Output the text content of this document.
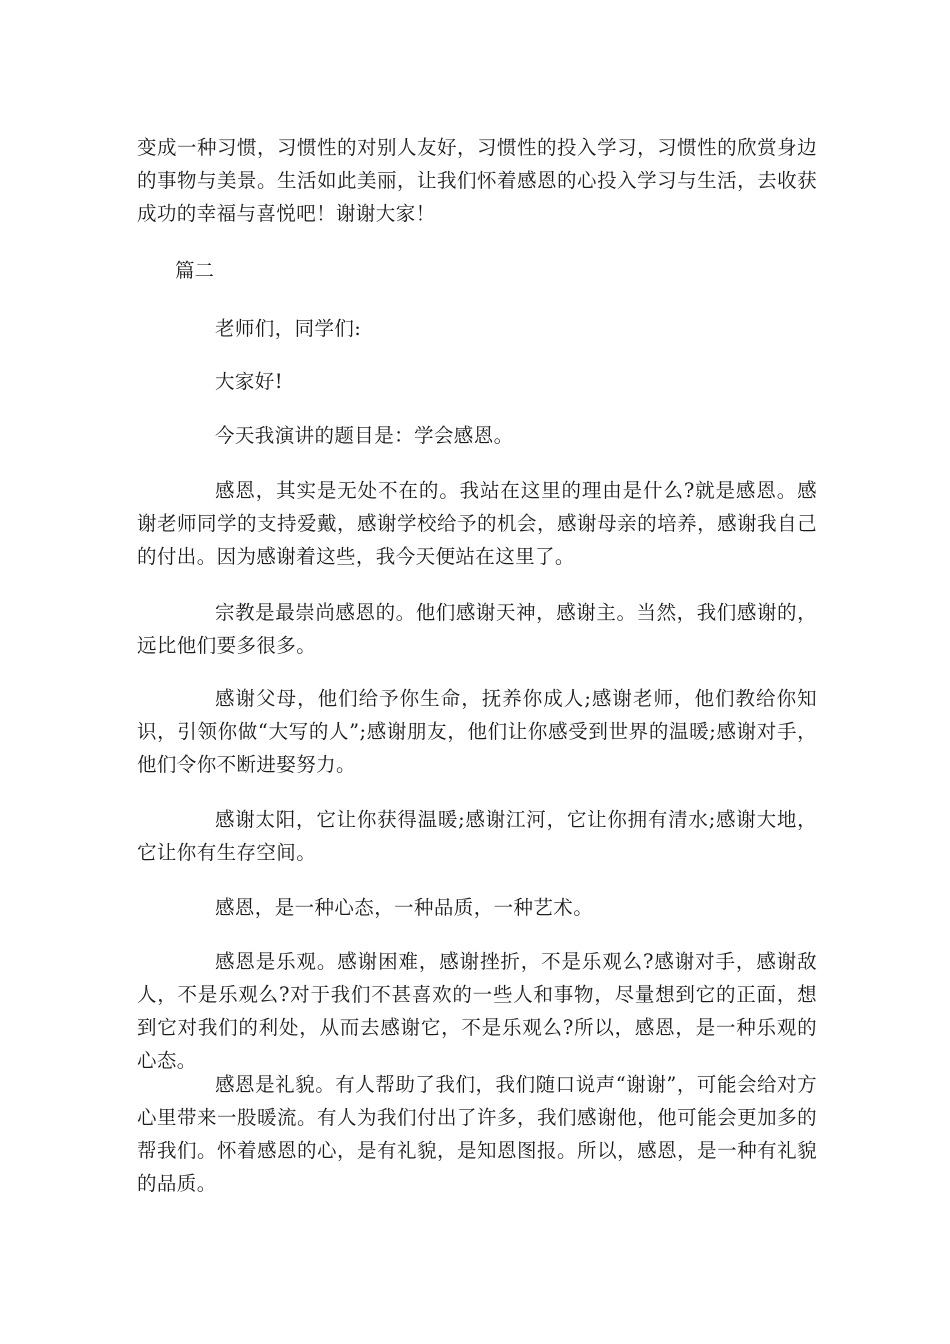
变成一种习惯，习惯性的对别人友好，习惯性的投入学习，习惯性的欣赏身边的事物与美景。生活如此美丽，让我们怀着感恩的心投入学习与生活，去收获成功的幸福与喜悦吧！谢谢大家！

篇二

老师们，同学们:

大家好!

今天我演讲的题目是：学会感恩。

感恩，其实是无处不在的。我站在这里的理由是什么?就是感恩。感谢老师同学的支持爱戴，感谢学校给予的机会，感谢母亲的培养，感谢我自己的付出。因为感谢着这些，我今天便站在这里了。

宗教是最崇尚感恩的。他们感谢天神，感谢主。当然，我们感谢的，远比他们要多很多。

感谢父母，他们给予你生命，抚养你成人;感谢老师，他们教给你知识，引领你做“大写的人”;感谢朋友，他们让你感受到世界的温暖;感谢对手，他们令你不断进娶努力。

感谢太阳，它让你获得温暖;感谢江河，它让你拥有清水;感谢大地，它让你有生存空间。

感恩，是一种心态，一种品质，一种艺术。

感恩是乐观。感谢困难，感谢挫折，不是乐观么?感谢对手，感谢敌人，不是乐观么?对于我们不甚喜欢的一些人和事物，尽量想到它的正面，想到它对我们的利处，从而去感谢它，不是乐观么?所以，感恩，是一种乐观的心态。

感恩是礼貌。有人帮助了我们，我们随口说声“谢谢”，可能会给对方心里带来一股暖流。有人为我们付出了许多，我们感谢他，他可能会更加多的帮我们。怀着感恩的心，是有礼貌，是知恩图报。所以，感恩，是一种有礼貌的品质。
